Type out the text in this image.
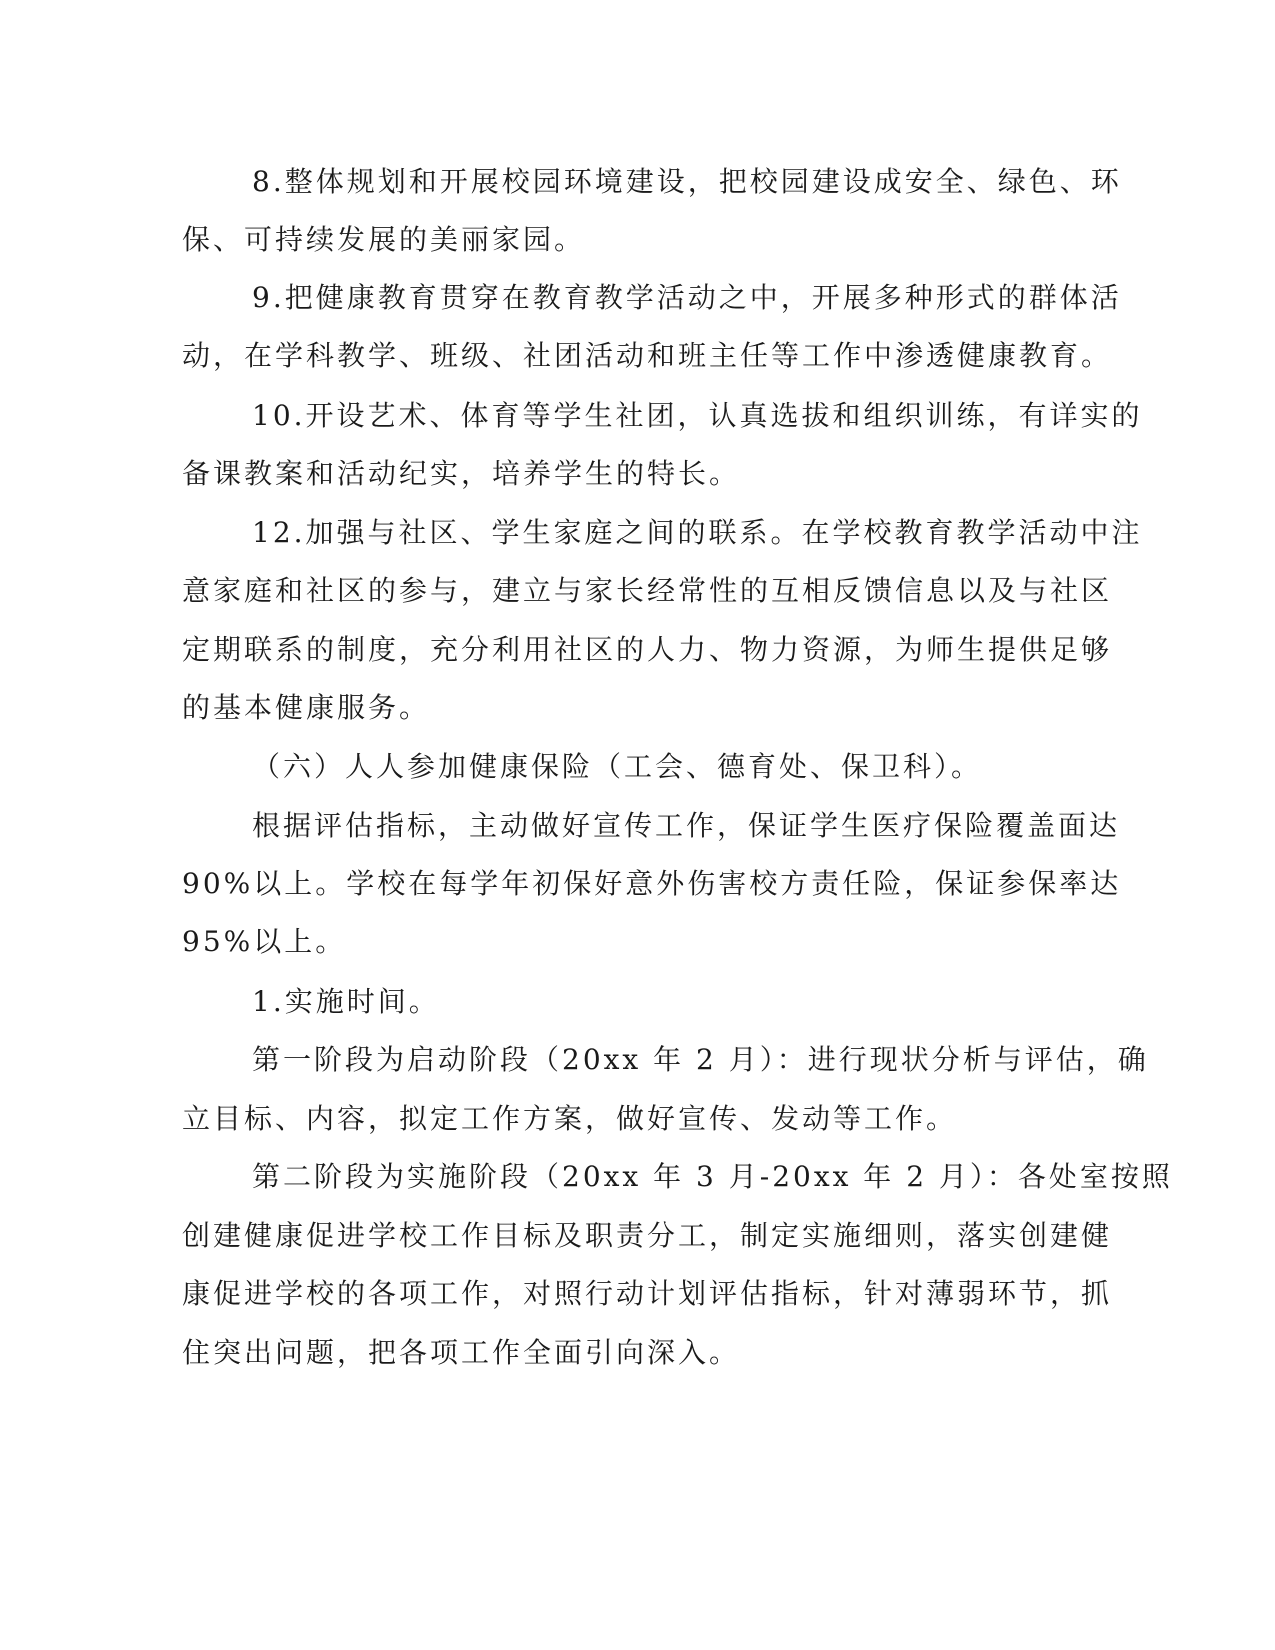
8.整体规划和开展校园环境建设，把校园建设成安全、绿色、环
保、可持续发展的美丽家园。
9.把健康教育贯穿在教育教学活动之中，开展多种形式的群体活
动，在学科教学、班级、社团活动和班主任等工作中渗透健康教育。
10.开设艺术、体育等学生社团，认真选拔和组织训练，有详实的
备课教案和活动纪实，培养学生的特长。
12.加强与社区、学生家庭之间的联系。在学校教育教学活动中注
意家庭和社区的参与，建立与家长经常性的互相反馈信息以及与社区
定期联系的制度，充分利用社区的人力、物力资源，为师生提供足够
的基本健康服务。
（六）人人参加健康保险（工会、德育处、保卫科）。
根据评估指标，主动做好宣传工作，保证学生医疗保险覆盖面达
90%以上。学校在每学年初保好意外伤害校方责任险，保证参保率达
95%以上。
1.实施时间。
第一阶段为启动阶段（20xx 年 2 月）：进行现状分析与评估，确
立目标、内容，拟定工作方案，做好宣传、发动等工作。
第二阶段为实施阶段（20xx 年 3 月-20xx 年 2 月）：各处室按照
创建健康促进学校工作目标及职责分工，制定实施细则，落实创建健
康促进学校的各项工作，对照行动计划评估指标，针对薄弱环节，抓
住突出问题，把各项工作全面引向深入。
